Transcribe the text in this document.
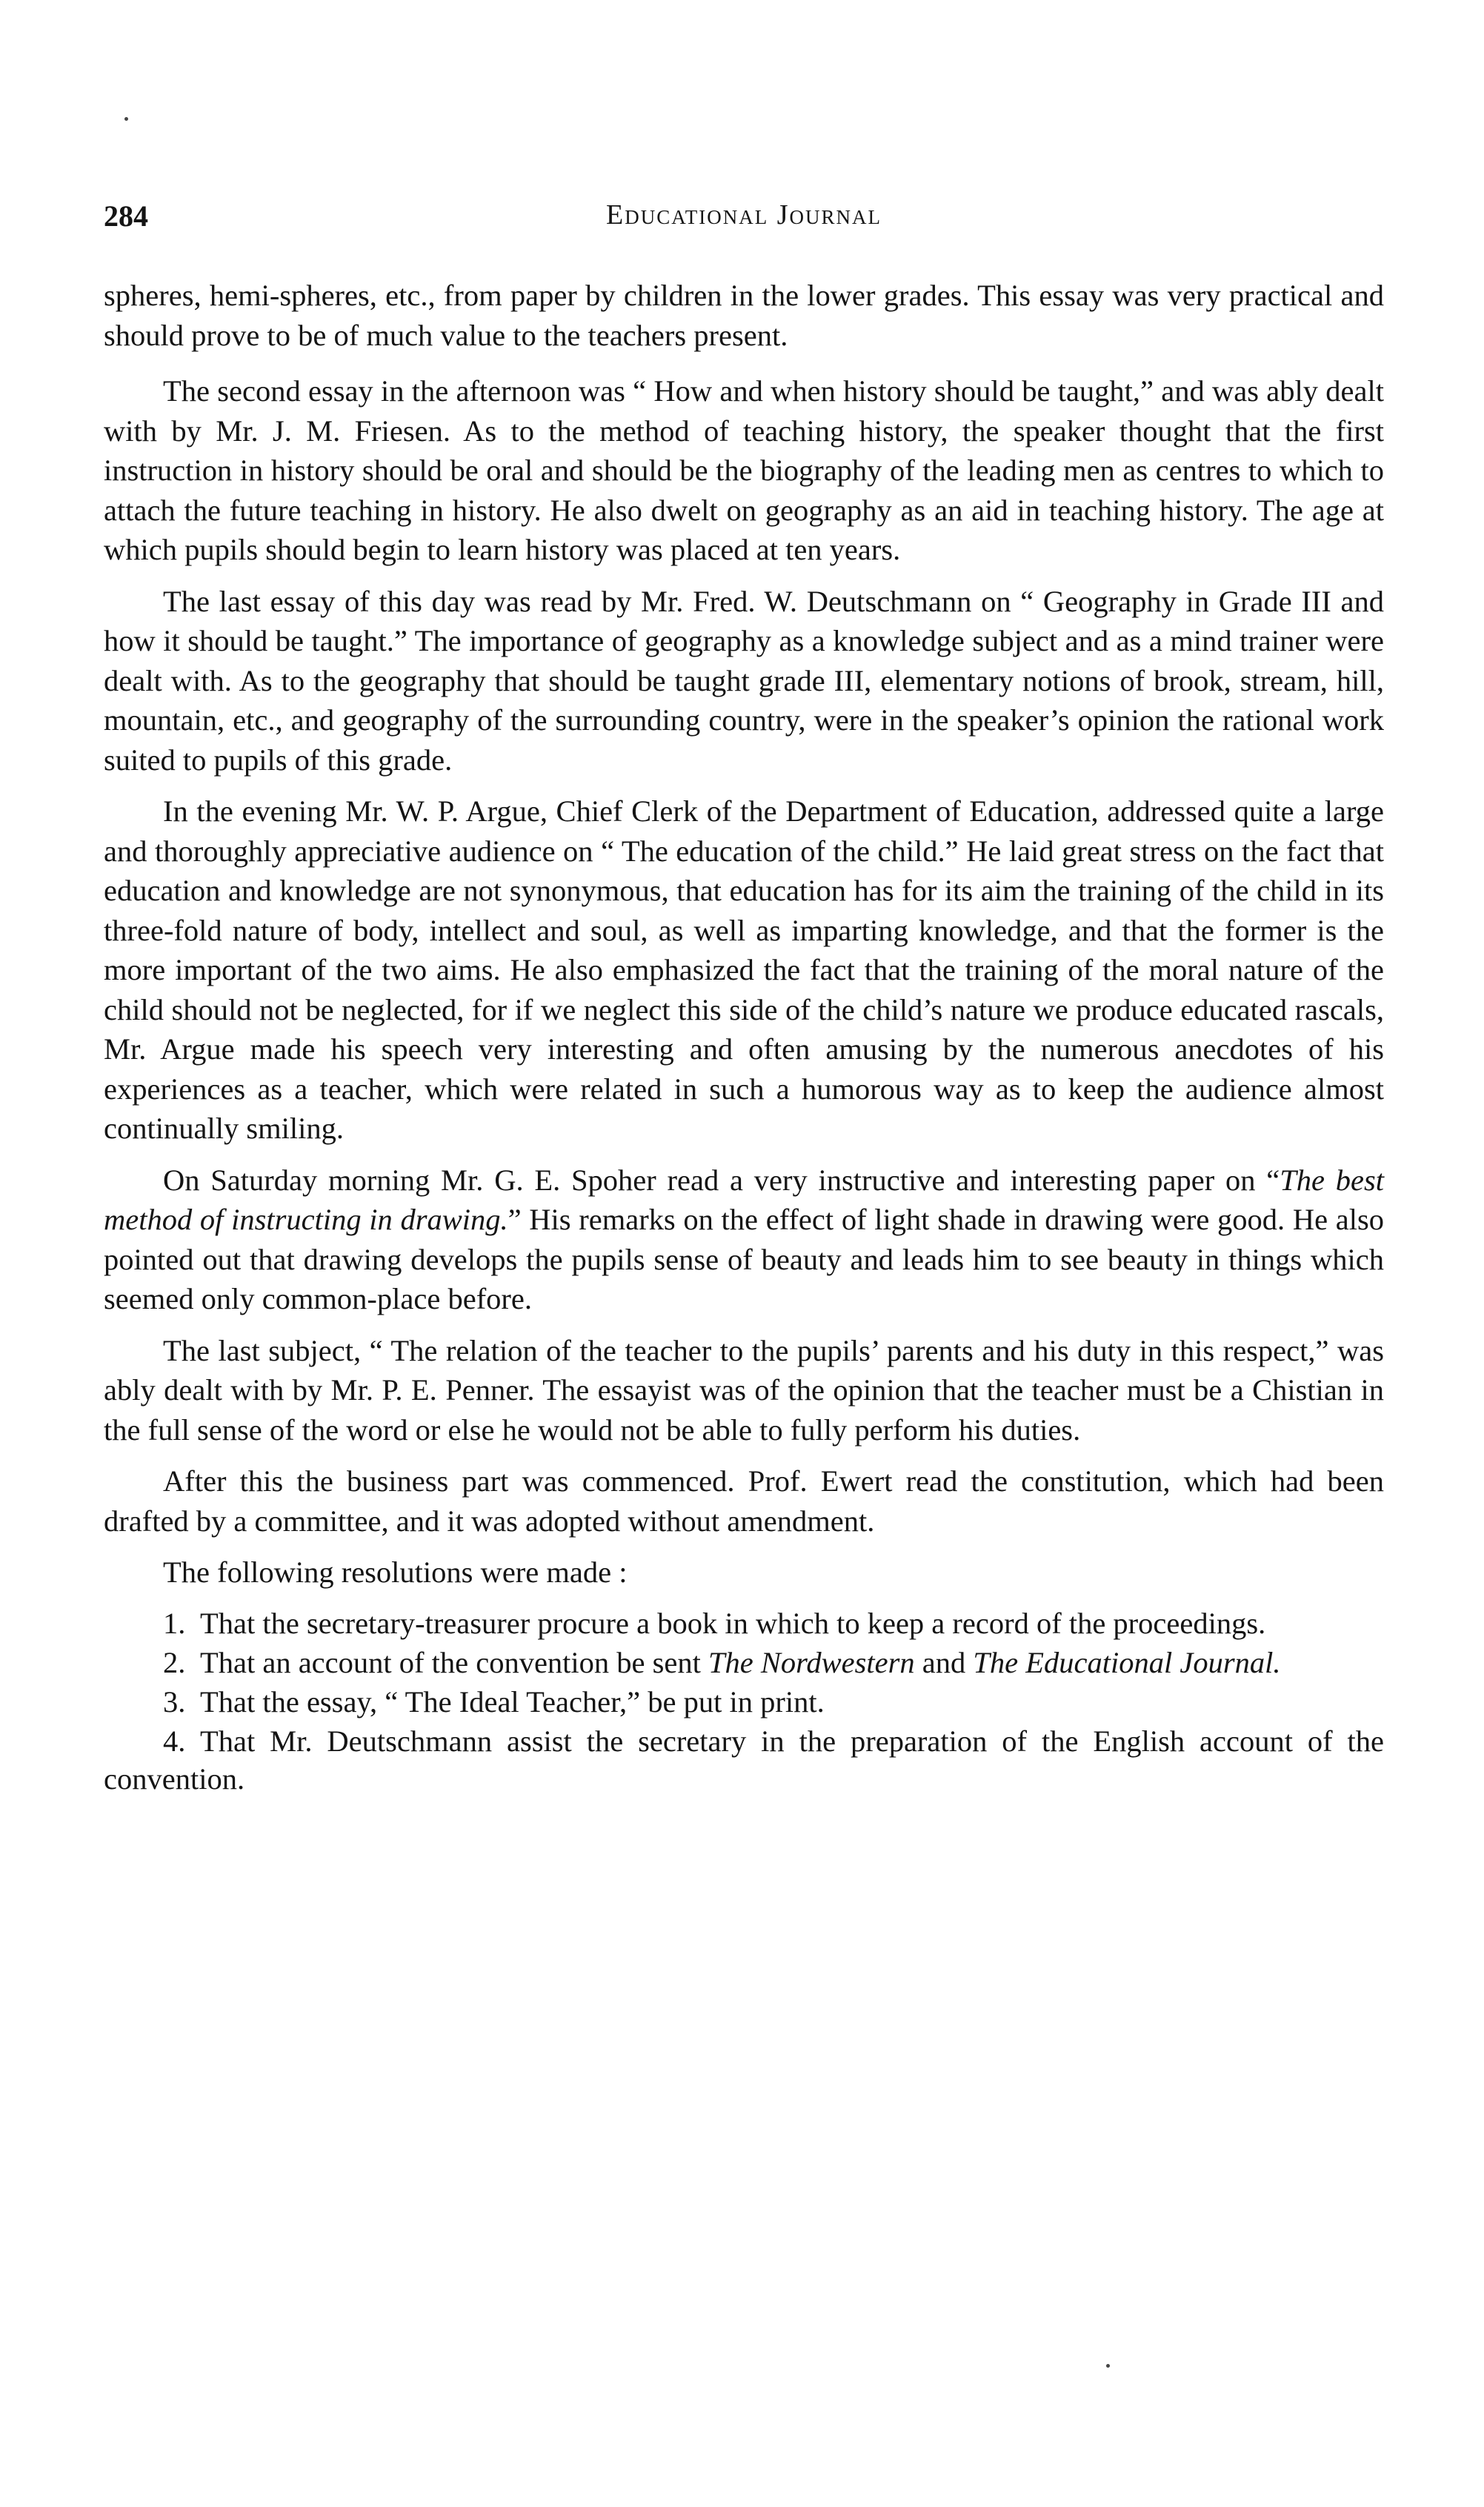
284	Educational Journal

spheres, hemi-spheres, etc., from paper by children in the lower grades. This essay was very practical and should prove to be of much value to the teachers present.

The second essay in the afternoon was “ How and when history should be taught,” and was ably dealt with by Mr. J. M. Friesen. As to the method of teaching history, the speaker thought that the first instruction in history should be oral and should be the biography of the leading men as centres to which to attach the future teaching in history. He also dwelt on geography as an aid in teaching history. The age at which pupils should begin to learn history was placed at ten years.

The last essay of this day was read by Mr. Fred. W. Deutschmann on “ Geography in Grade III and how it should be taught.” The importance of geography as a knowledge subject and as a mind trainer were dealt with. As to the geography that should be taught grade III, elementary notions of brook, stream, hill, mountain, etc., and geography of the surrounding country, were in the speaker’s opinion the rational work suited to pupils of this grade.

In the evening Mr. W. P. Argue, Chief Clerk of the Department of Education, addressed quite a large and thoroughly appreciative audience on “ The education of the child.” He laid great stress on the fact that education and knowledge are not synonymous, that education has for its aim the training of the child in its three-fold nature of body, intellect and soul, as well as imparting knowledge, and that the former is the more important of the two aims. He also emphasized the fact that the training of the moral nature of the child should not be neglected, for if we neglect this side of the child’s nature we produce educated rascals, Mr. Argue made his speech very interesting and often amusing by the numerous anecdotes of his experiences as a teacher, which were related in such a humorous way as to keep the audience almost continually smiling.

On Saturday morning Mr. G. E. Spoher read a very instructive and interesting paper on “The best method of instructing in drawing.” His remarks on the effect of light shade in drawing were good. He also pointed out that drawing develops the pupils sense of beauty and leads him to see beauty in things which seemed only common-place before.

The last subject, “ The relation of the teacher to the pupils’ parents and his duty in this respect,” was ably dealt with by Mr. P. E. Penner. The essayist was of the opinion that the teacher must be a Chistian in the full sense of the word or else he would not be able to fully perform his duties.

After this the business part was commenced. Prof. Ewert read the constitution, which had been drafted by a committee, and it was adopted without amendment.

The following resolutions were made :

1. That the secretary-treasurer procure a book in which to keep a record of the proceedings.
2. That an account of the convention be sent The Nordwestern and The Educational Journal.
3. That the essay, “ The Ideal Teacher,” be put in print.
4. That Mr. Deutschmann assist the secretary in the preparation of the English account of the convention.
